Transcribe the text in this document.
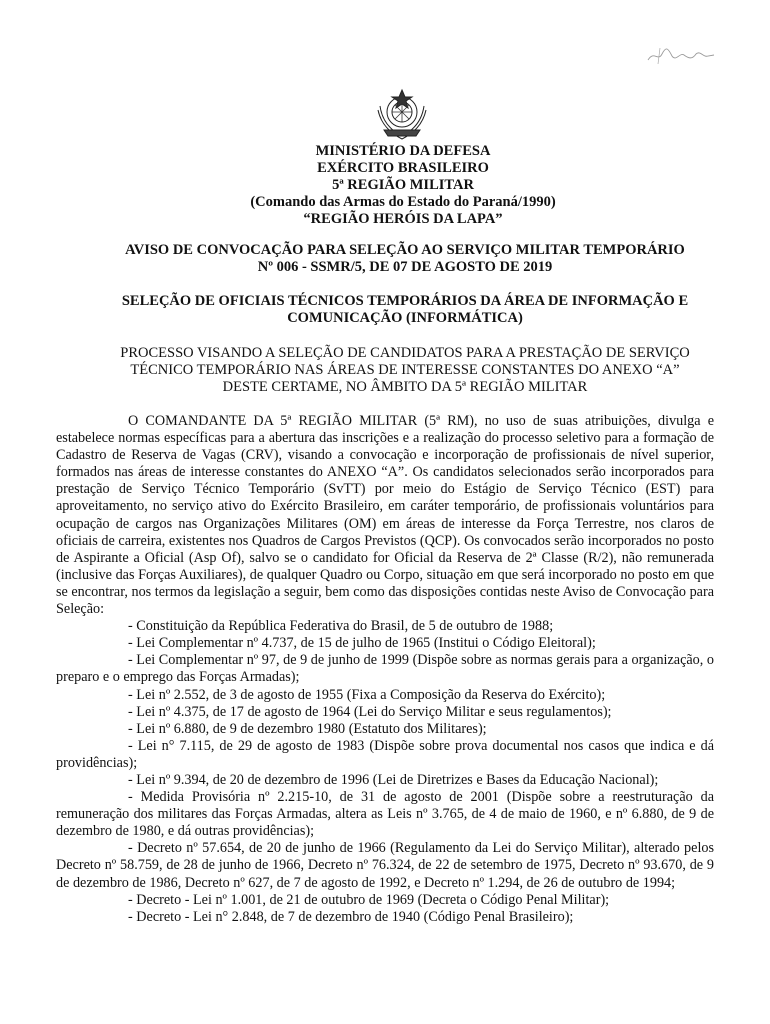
MINISTÉRIO DA DEFESA
EXÉRCITO BRASILEIRO
5ª REGIÃO MILITAR
(Comando das Armas do Estado do Paraná/1990)
“REGIÃO HERÓIS DA LAPA”
AVISO DE CONVOCAÇÃO PARA SELEÇÃO AO SERVIÇO MILITAR TEMPORÁRIO
Nº 006 - SSMR/5, DE 07 DE AGOSTO DE 2019
SELEÇÃO DE OFICIAIS TÉCNICOS TEMPORÁRIOS DA ÁREA DE INFORMAÇÃO E
COMUNICAÇÃO (INFORMÁTICA)
PROCESSO VISANDO A SELEÇÃO DE CANDIDATOS PARA A PRESTAÇÃO DE SERVIÇO
TÉCNICO TEMPORÁRIO NAS ÁREAS DE INTERESSE CONSTANTES DO ANEXO “A”
DESTE CERTAME, NO ÂMBITO DA 5ª REGIÃO MILITAR

O COMANDANTE DA 5ª REGIÃO MILITAR (5ª RM), no uso de suas atribuições, divulga e estabelece normas específicas para a abertura das inscrições e a realização do processo seletivo para a formação de Cadastro de Reserva de Vagas (CRV), visando a convocação e incorporação de profissionais de nível superior, formados nas áreas de interesse constantes do ANEXO “A”. Os candidatos selecionados serão incorporados para prestação de Serviço Técnico Temporário (SvTT) por meio do Estágio de Serviço Técnico (EST) para aproveitamento, no serviço ativo do Exército Brasileiro, em caráter temporário, de profissionais voluntários para ocupação de cargos nas Organizações Militares (OM) em áreas de interesse da Força Terrestre, nos claros de oficiais de carreira, existentes nos Quadros de Cargos Previstos (QCP). Os convocados serão incorporados no posto de Aspirante a Oficial (Asp Of), salvo se o candidato for Oficial da Reserva de 2ª Classe (R/2), não remunerada (inclusive das Forças Auxiliares), de qualquer Quadro ou Corpo, situação em que será incorporado no posto em que se encontrar, nos termos da legislação a seguir, bem como das disposições contidas neste Aviso de Convocação para Seleção:

- Constituição da República Federativa do Brasil, de 5 de outubro de 1988;

- Lei Complementar nº 4.737, de 15 de julho de 1965 (Institui o Código Eleitoral);

- Lei Complementar nº 97, de 9 de junho de 1999 (Dispõe sobre as normas gerais para a organização, o preparo e o emprego das Forças Armadas);

- Lei nº 2.552, de 3 de agosto de 1955 (Fixa a Composição da Reserva do Exército);

- Lei nº 4.375, de 17 de agosto de 1964 (Lei do Serviço Militar e seus regulamentos);

- Lei nº 6.880, de 9 de dezembro 1980 (Estatuto dos Militares);

- Lei n° 7.115, de 29 de agosto de 1983 (Dispõe sobre prova documental nos casos que indica e dá providências);

- Lei nº 9.394, de 20 de dezembro de 1996 (Lei de Diretrizes e Bases da Educação Nacional);

- Medida Provisória nº 2.215-10, de 31 de agosto de 2001 (Dispõe sobre a reestruturação da remuneração dos militares das Forças Armadas, altera as Leis nº 3.765, de 4 de maio de 1960, e nº 6.880, de 9 de dezembro de 1980, e dá outras providências);

- Decreto nº 57.654, de 20 de junho de 1966 (Regulamento da Lei do Serviço Militar), alterado pelos Decreto nº 58.759, de 28 de junho de 1966, Decreto nº 76.324, de 22 de setembro de 1975, Decreto nº 93.670, de 9 de dezembro de 1986, Decreto nº 627, de 7 de agosto de 1992, e Decreto nº 1.294, de 26 de outubro de 1994;

- Decreto - Lei nº 1.001, de 21 de outubro de 1969 (Decreta o Código Penal Militar);

- Decreto - Lei n° 2.848, de 7 de dezembro de 1940 (Código Penal Brasileiro);
